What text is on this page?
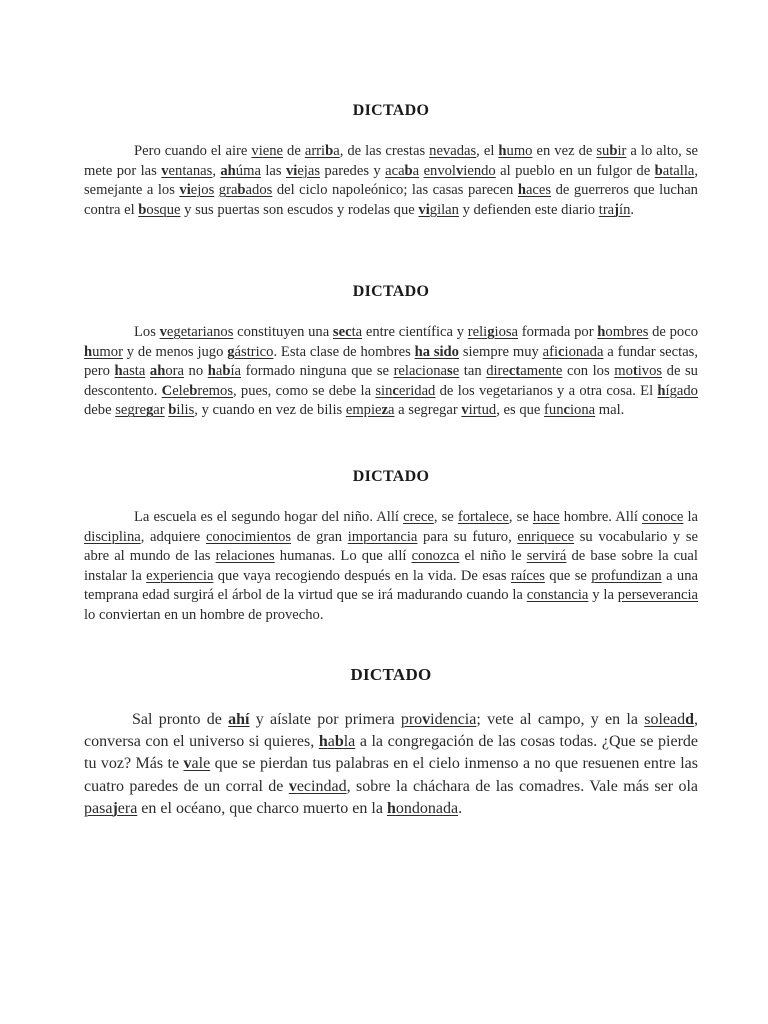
DICTADO

Pero cuando el aire viene de arriba, de las crestas nevadas, el humo en vez de subir a lo alto, se mete por las ventanas, ahúma las viejas paredes y acaba envolviendo al pueblo en un fulgor de batalla, semejante a los viejos grabados del ciclo napoleónico; las casas parecen haces de guerreros que luchan contra el bosque y sus puertas son escudos y rodelas que vigilan y defienden este diario trajín.

DICTADO

Los vegetarianos constituyen una secta entre científica y religiosa formada por hombres de poco humor y de menos jugo gástrico. Esta clase de hombres ha sido siempre muy aficionada a fundar sectas, pero hasta ahora no había formado ninguna que se relacionase tan directamente con los motivos de su descontento. Celebremos, pues, como se debe la sinceridad de los vegetarianos y a otra cosa. El hígado debe segregar bilis, y cuando en vez de bilis empieza a segregar virtud, es que funciona mal.

DICTADO

La escuela es el segundo hogar del niño. Allí crece, se fortalece, se hace hombre. Allí conoce la disciplina, adquiere conocimientos de gran importancia para su futuro, enriquece su vocabulario y se abre al mundo de las relaciones humanas. Lo que allí conozca el niño le servirá de base sobre la cual instalar la experiencia que vaya recogiendo después en la vida. De esas raíces que se profundizan a una temprana edad surgirá el árbol de la virtud que se irá madurando cuando la constancia y la perseverancia lo conviertan en un hombre de provecho.

DICTADO

Sal pronto de ahí y aíslate por primera providencia; vete al campo, y en la soleadd, conversa con el universo si quieres, habla a la congregación de las cosas todas. ¿Que se pierde tu voz? Más te vale que se pierdan tus palabras en el cielo inmenso a no que resuenen entre las cuatro paredes de un corral de vecindad, sobre la cháchara de las comadres. Vale más ser ola pasajera en el océano, que charco muerto en la hondonada.
